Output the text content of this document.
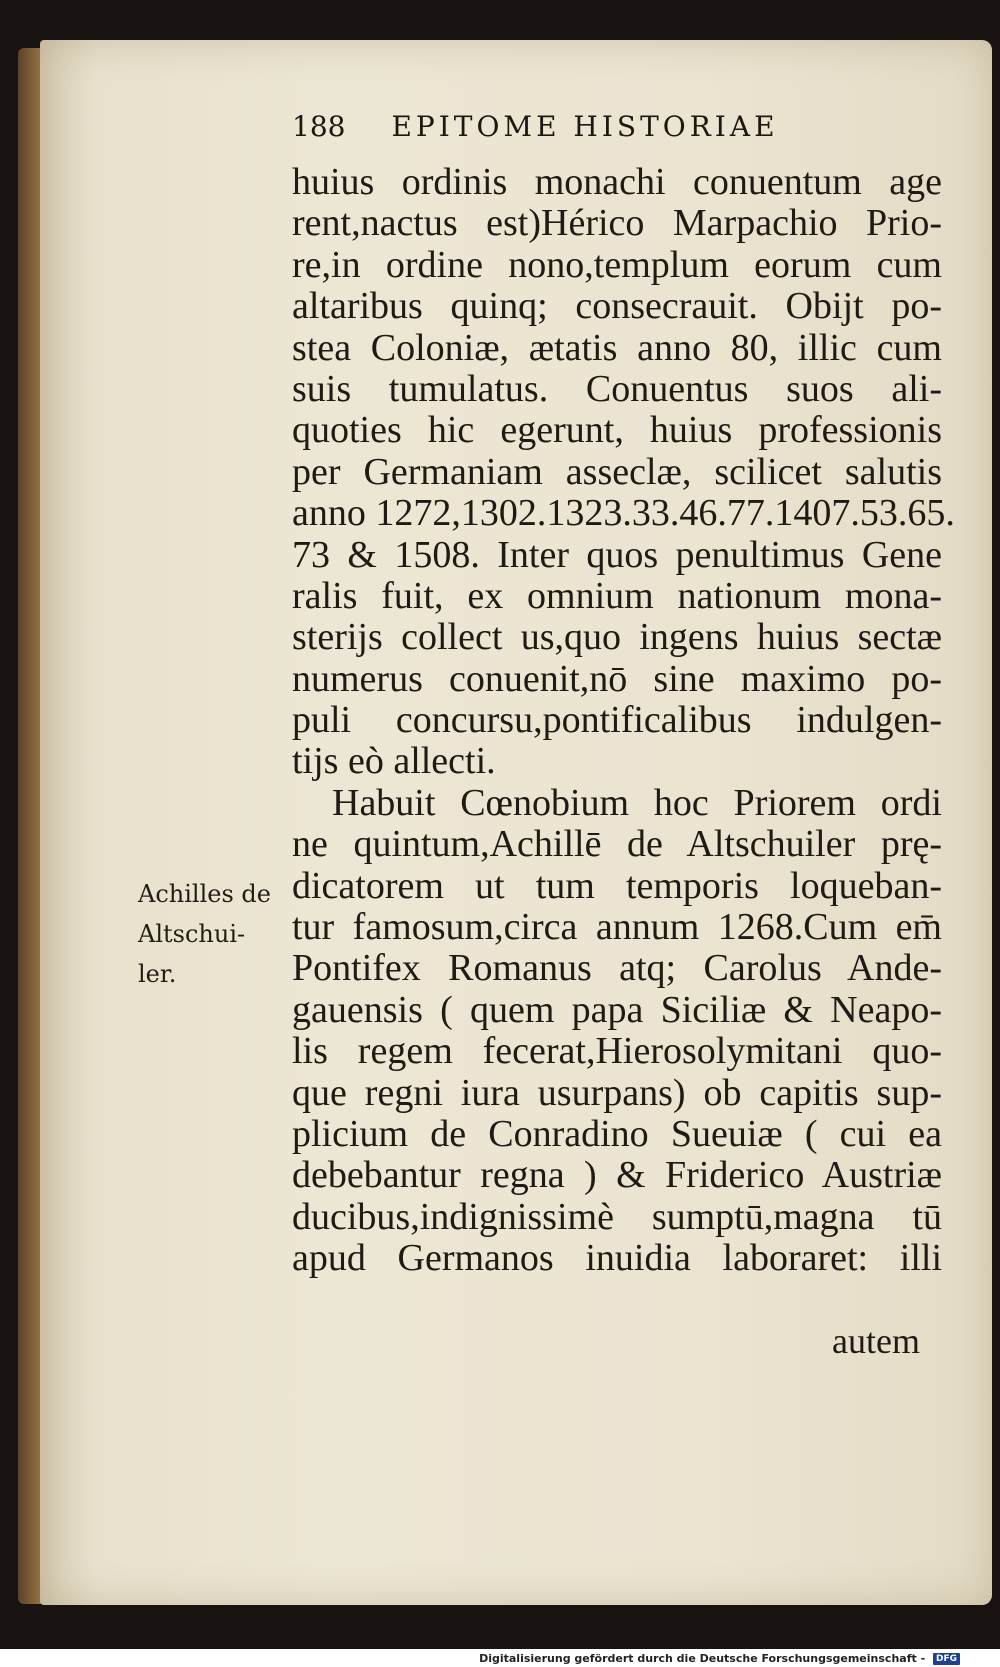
188 EPITOME HISTORIAE
Achilles de
Altschui-
ler.
huius ordinis monachi conuentum age
rent,nactus est)Hérico Marpachio Prio-
re,in ordine nono,templum eorum cum
altaribus quinq; consecrauit. Obijt po-
stea Coloniæ, ætatis anno 80, illic cum
suis tumulatus. Conuentus suos ali-
quoties hic egerunt, huius professionis
per Germaniam asseclæ, scilicet salutis
anno 1272,1302.1323.33.46.77.1407.53.65.
73 & 1508. Inter quos penultimus Gene
ralis fuit, ex omnium nationum mona-
sterijs collect us,quo ingens huius sectæ
numerus conuenit,nō sine maximo po-
puli concursu,pontificalibus indulgen-
tijs eò allecti.
Habuit Cœnobium hoc Priorem ordi
ne quintum,Achillē de Altschuiler prę-
dicatorem ut tum temporis loqueban-
tur famosum,circa annum 1268.Cum em̄
Pontifex Romanus atq; Carolus Ande-
gauensis ( quem papa Siciliæ & Neapo-
lis regem fecerat,Hierosolymitani quo-
que regni iura usurpans) ob capitis sup-
plicium de Conradino Sueuiæ ( cui ea
debebantur regna ) & Friderico Austriæ
ducibus,indignissimè sumptū,magna tū
apud Germanos inuidia laboraret: illi
autem
Digitalisierung gefördert durch die Deutsche Forschungsgemeinschaft - DFG
